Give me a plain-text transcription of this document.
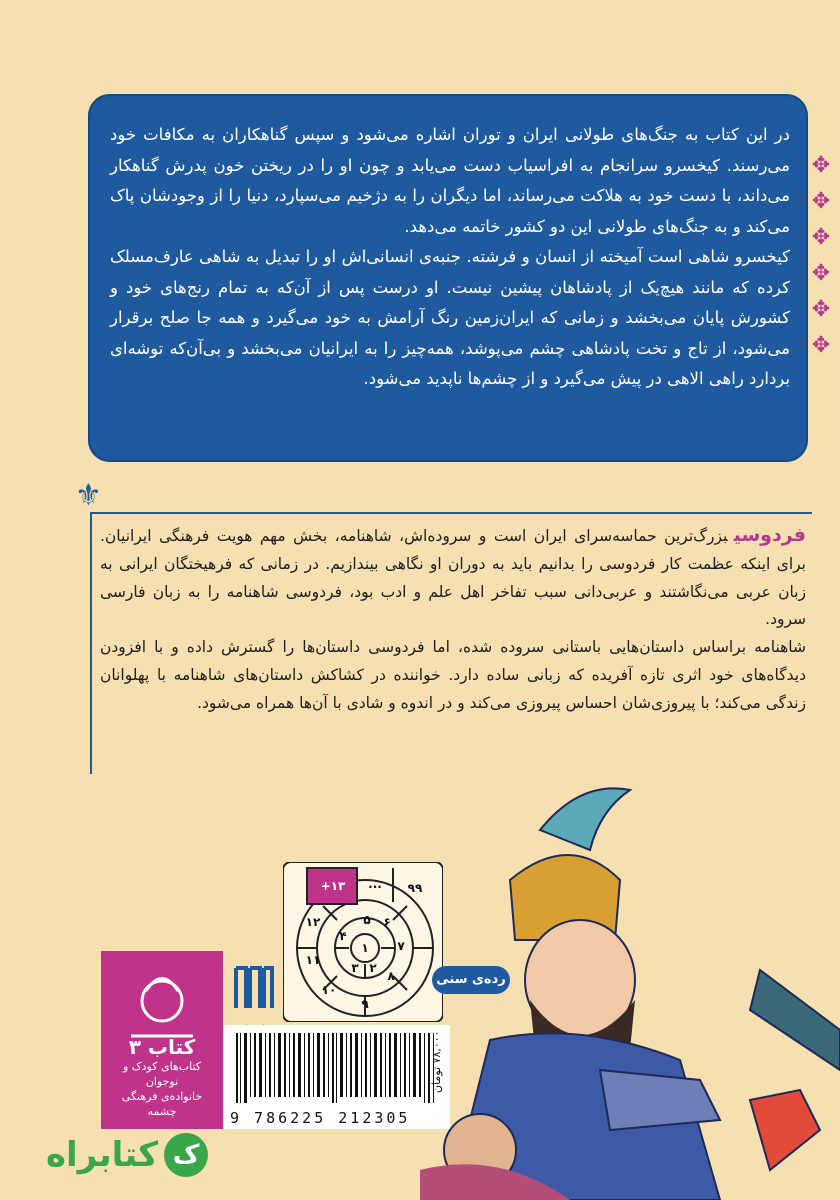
در این کتاب به جنگ‌های طولانی ایران و توران اشاره می‌شود و سپس گناهکاران به مکافات خود می‌رسند. کیخسرو سرانجام به افراسیاب دست می‌یابد و چون او را در ریختن خون پدرش گناهکار می‌داند، با دست خود به هلاکت می‌رساند، اما دیگران را به دژخیم می‌سپارد، دنیا را از وجودشان پاک می‌کند و به جنگ‌های طولانی این دو کشور خاتمه می‌دهد.

کیخسرو شاهی است آمیخته از انسان و فرشته. جنبه‌ی انسانی‌اش او را تبدیل به شاهی عارف‌مسلک کرده که مانند هیچ‌یک از پادشاهان پیشین نیست. او درست پس از آن‌که به تمام رنج‌های خود و کشورش پایان می‌بخشد و زمانی که ایران‌زمین رنگ آرامش به خود می‌گیرد و همه جا صلح برقرار می‌شود، از تاج و تخت پادشاهی چشم می‌پوشد، همه‌چیز را به ایرانیان می‌بخشد و بی‌آن‌که توشه‌ای بردارد راهی الاهی در پیش می‌گیرد و از چشم‌ها ناپدید می‌شود.

✥
✥
✥
✥
✥
✥
⚜

فردوسیبزرگ‌ترین حماسه‌سرای ایران است و سروده‌اش، شاهنامه، بخش مهم هویت فرهنگی ایرانیان. برای اینکه عظمت کار فردوسی را بدانیم باید به دوران او نگاهی بیندازیم. در زمانی که فرهیختگان ایرانی به زبان عربی می‌نگاشتند و عربی‌دانی سبب تفاخر اهل علم و ادب بود، فردوسی شاهنامه را به زبان فارسی سرود.

شاهنامه براساس داستان‌هایی باستانی سروده شده، اما فردوسی داستان‌ها را گسترش داده و با افزودن دیدگاه‌های خود اثری تازه آفریده که زبانی ساده دارد. خواننده در کشاکش داستان‌های شاهنامه با پهلوانان زندگی می‌کند؛ با پیروزی‌شان احساس پیروزی می‌کند و در اندوه و شادی‌ با آن‌ها همراه می‌شود.

۱
۲
۳
۴
۵ ۶
۷
۸
۹
۱۰
۱۱
۱۲
+۱۳ ... ۹۹
رده‌ی سنی
کتاب ۳
کتاب‌های کودک و نوجوان
خانواده‌ی فرهنگی چشمه	9 786225 212305
۷۸,۰۰۰ تومان
ک
کتابراه
